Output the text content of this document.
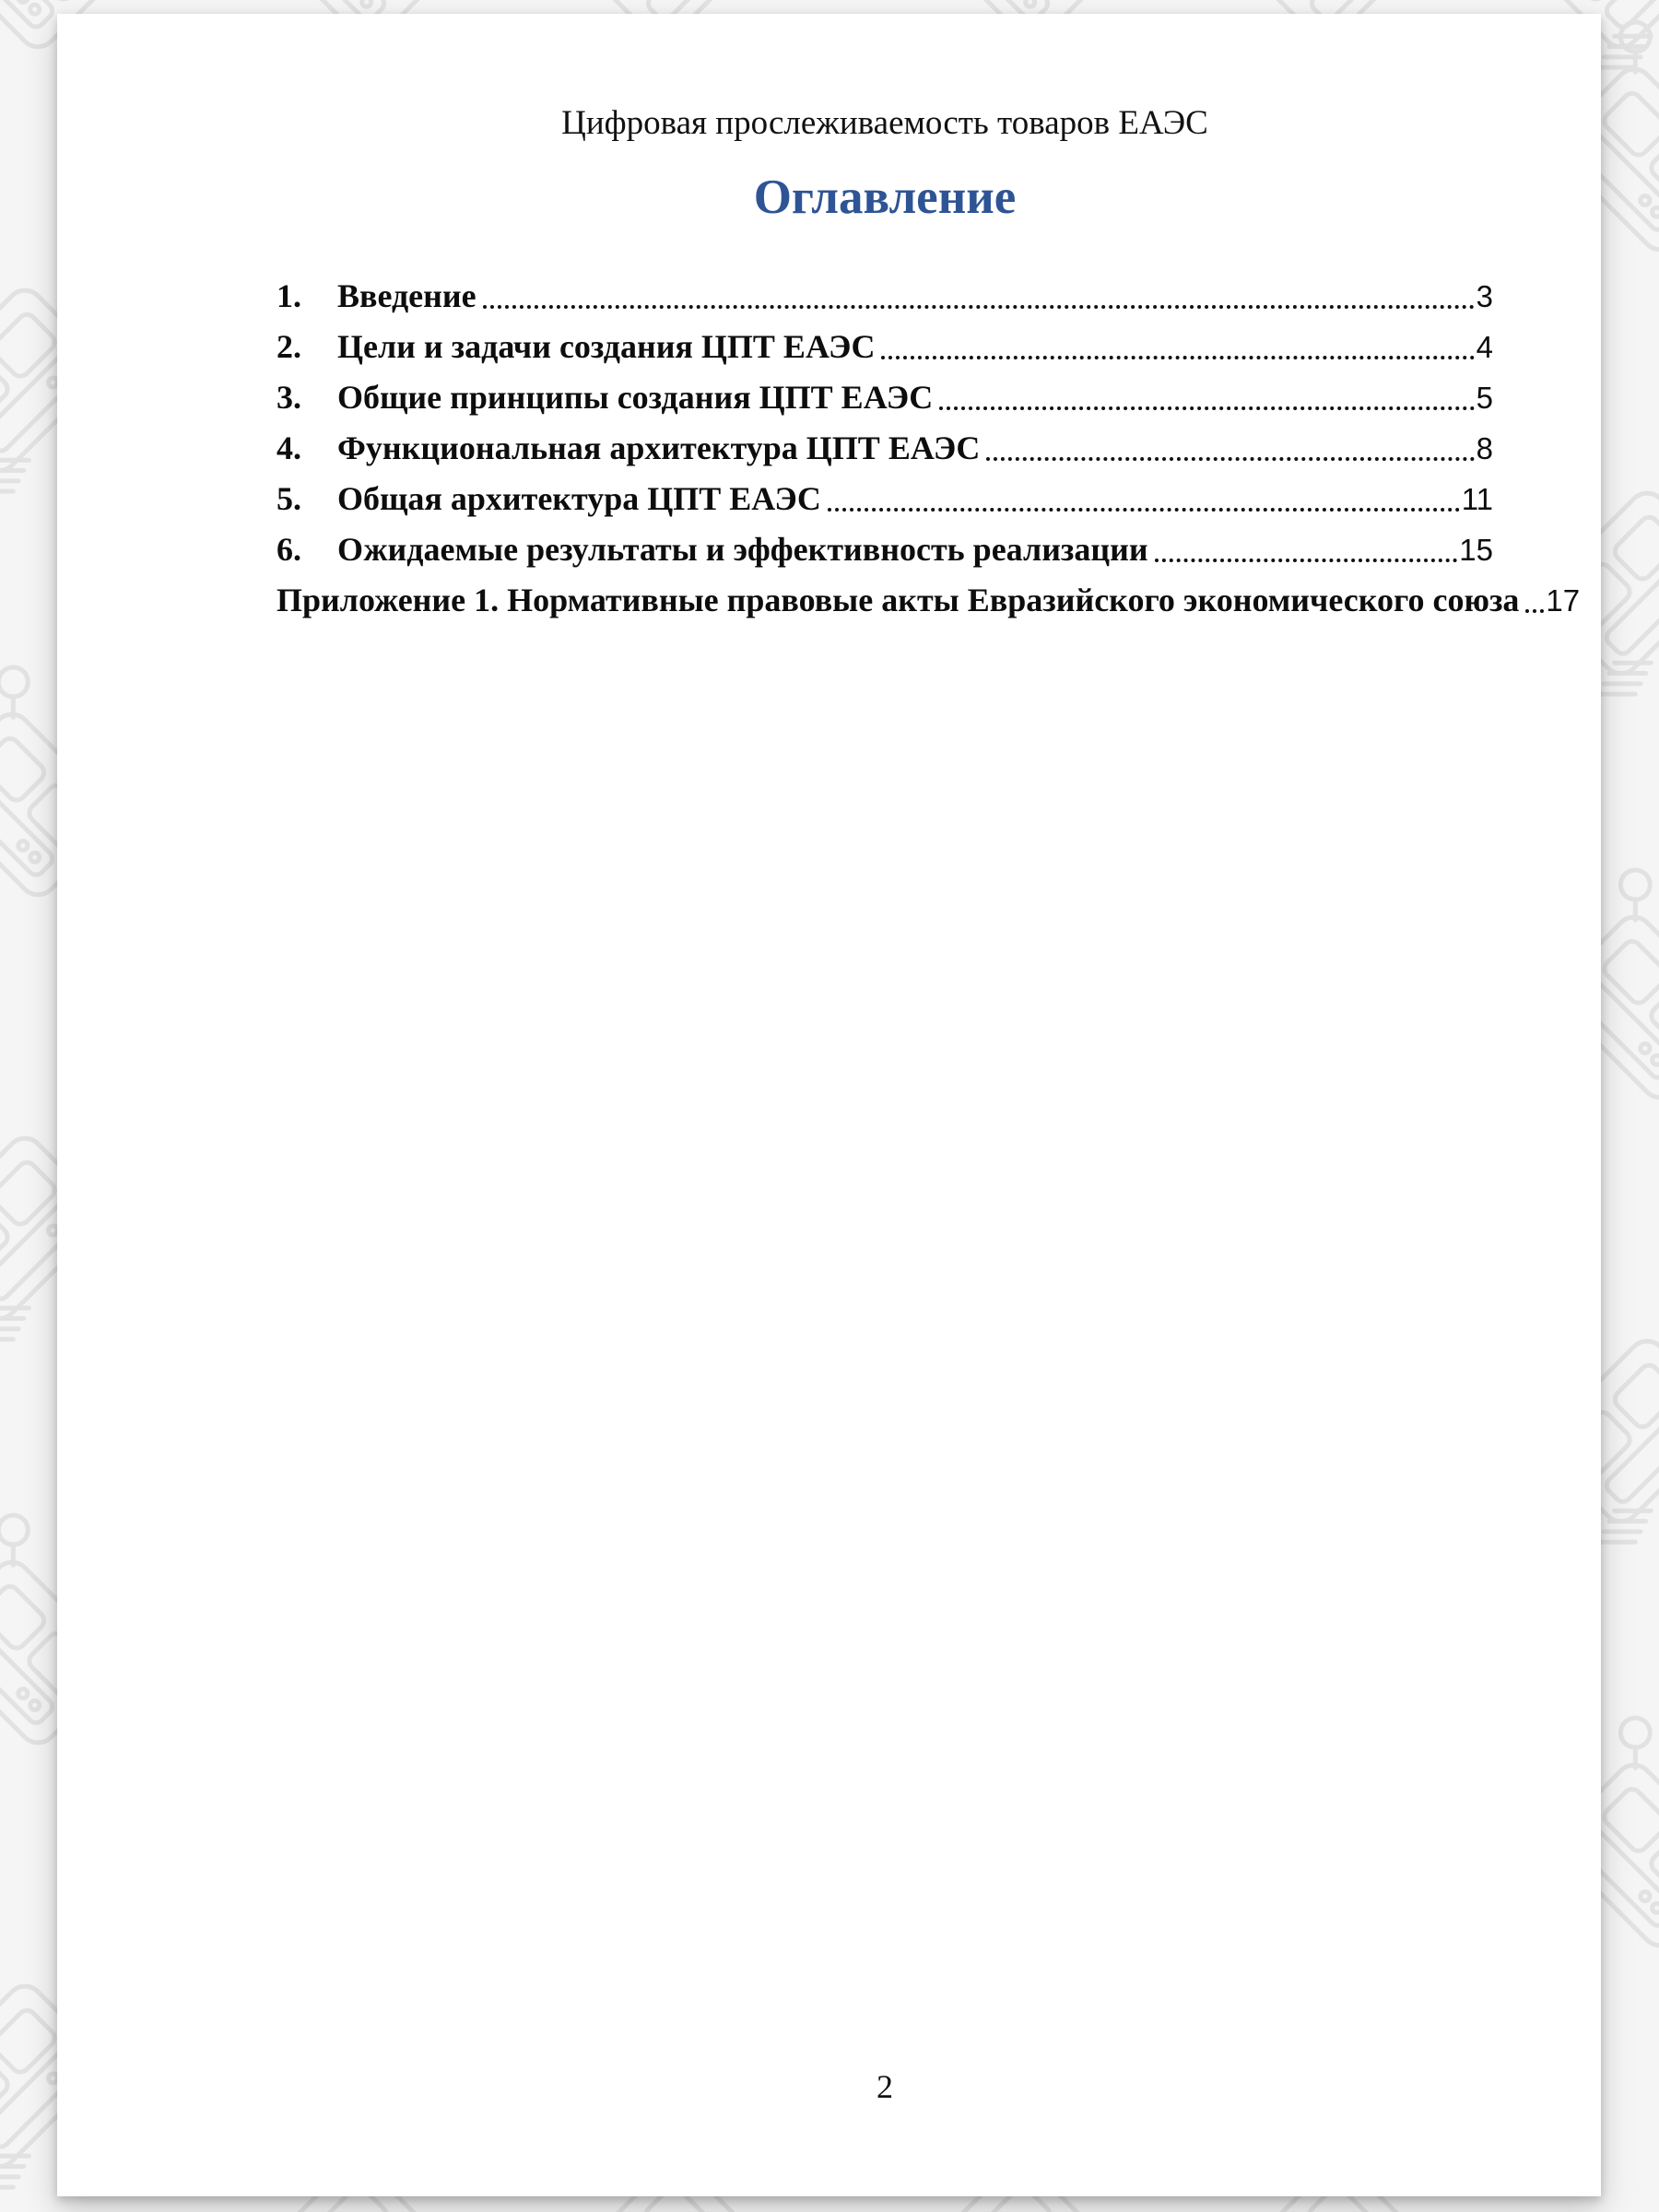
Цифровая прослеживаемость товаров ЕАЭС
Оглавление
1.	Введение	3
2.	Цели и задачи создания ЦПТ ЕАЭС	4
3.	Общие принципы создания ЦПТ ЕАЭС	5
4.	Функциональная архитектура ЦПТ ЕАЭС	8
5.	Общая архитектура ЦПТ ЕАЭС	11
6.	Ожидаемые результаты и эффективность реализации	15
Приложение 1. Нормативные правовые акты Евразийского экономического союза 17
2
